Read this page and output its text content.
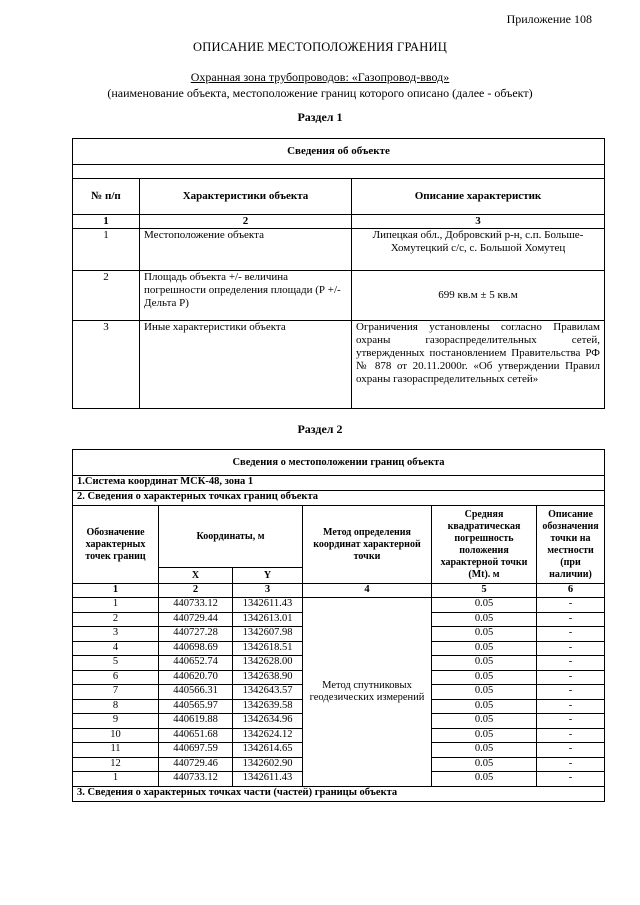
Приложение 108
ОПИСАНИЕ МЕСТОПОЛОЖЕНИЯ ГРАНИЦ
Охранная зона трубопроводов: «Газопровод-ввод»
(наименование объекта, местоположение границ которого описано (далее - объект)
Раздел 1
Сведения об объекте		

№ п/п	Характеристики объекта	Описание характеристик
1	2	3
1	Местоположение объекта	Липецкая обл., Добровский р-н, с.п. Больше-Хомутецкий с/с, с. Большой Хомутец
2	Площадь объекта +/- величина погрешности определения площади (Р +/- Дельта Р)	699 кв.м ± 5 кв.м
3	Иные характеристики объекта	Ограничения установлены согласно Правилам охраны газораспределительных сетей, утвержденных постановлением Правительства РФ № 878 от 20.11.2000г. «Об утверждении Правил охраны газораспределительных сетей»
Раздел 2
Сведения о местоположении границ объекта					
1.Система координат МСК-48, зона 1					
2. Сведения о характерных точках границ объекта					
Обозначение характерных точек границ	Координаты, м		Метод определения координат характерной точки	Средняя квадратическая погрешность положения характерной точки (Mt). м	Описание обозначения точки на местности (при наличии)
	X	Y			
1	2	3	4	5	6
1	440733.12	1342611.43	Метод спутниковых геодезических измерений	0.05	-
2	440729.44	1342613.01		0.05	-
3	440727.28	1342607.98		0.05	-
4	440698.69	1342618.51		0.05	-
5	440652.74	1342628.00		0.05	-
6	440620.70	1342638.90		0.05	-
7	440566.31	1342643.57		0.05	-
8	440565.97	1342639.58		0.05	-
9	440619.88	1342634.96		0.05	-
10	440651.68	1342624.12		0.05	-
11	440697.59	1342614.65		0.05	-
12	440729.46	1342602.90		0.05	-
1	440733.12	1342611.43		0.05	-
3. Сведения о характерных точках части (частей) границы объекта					
